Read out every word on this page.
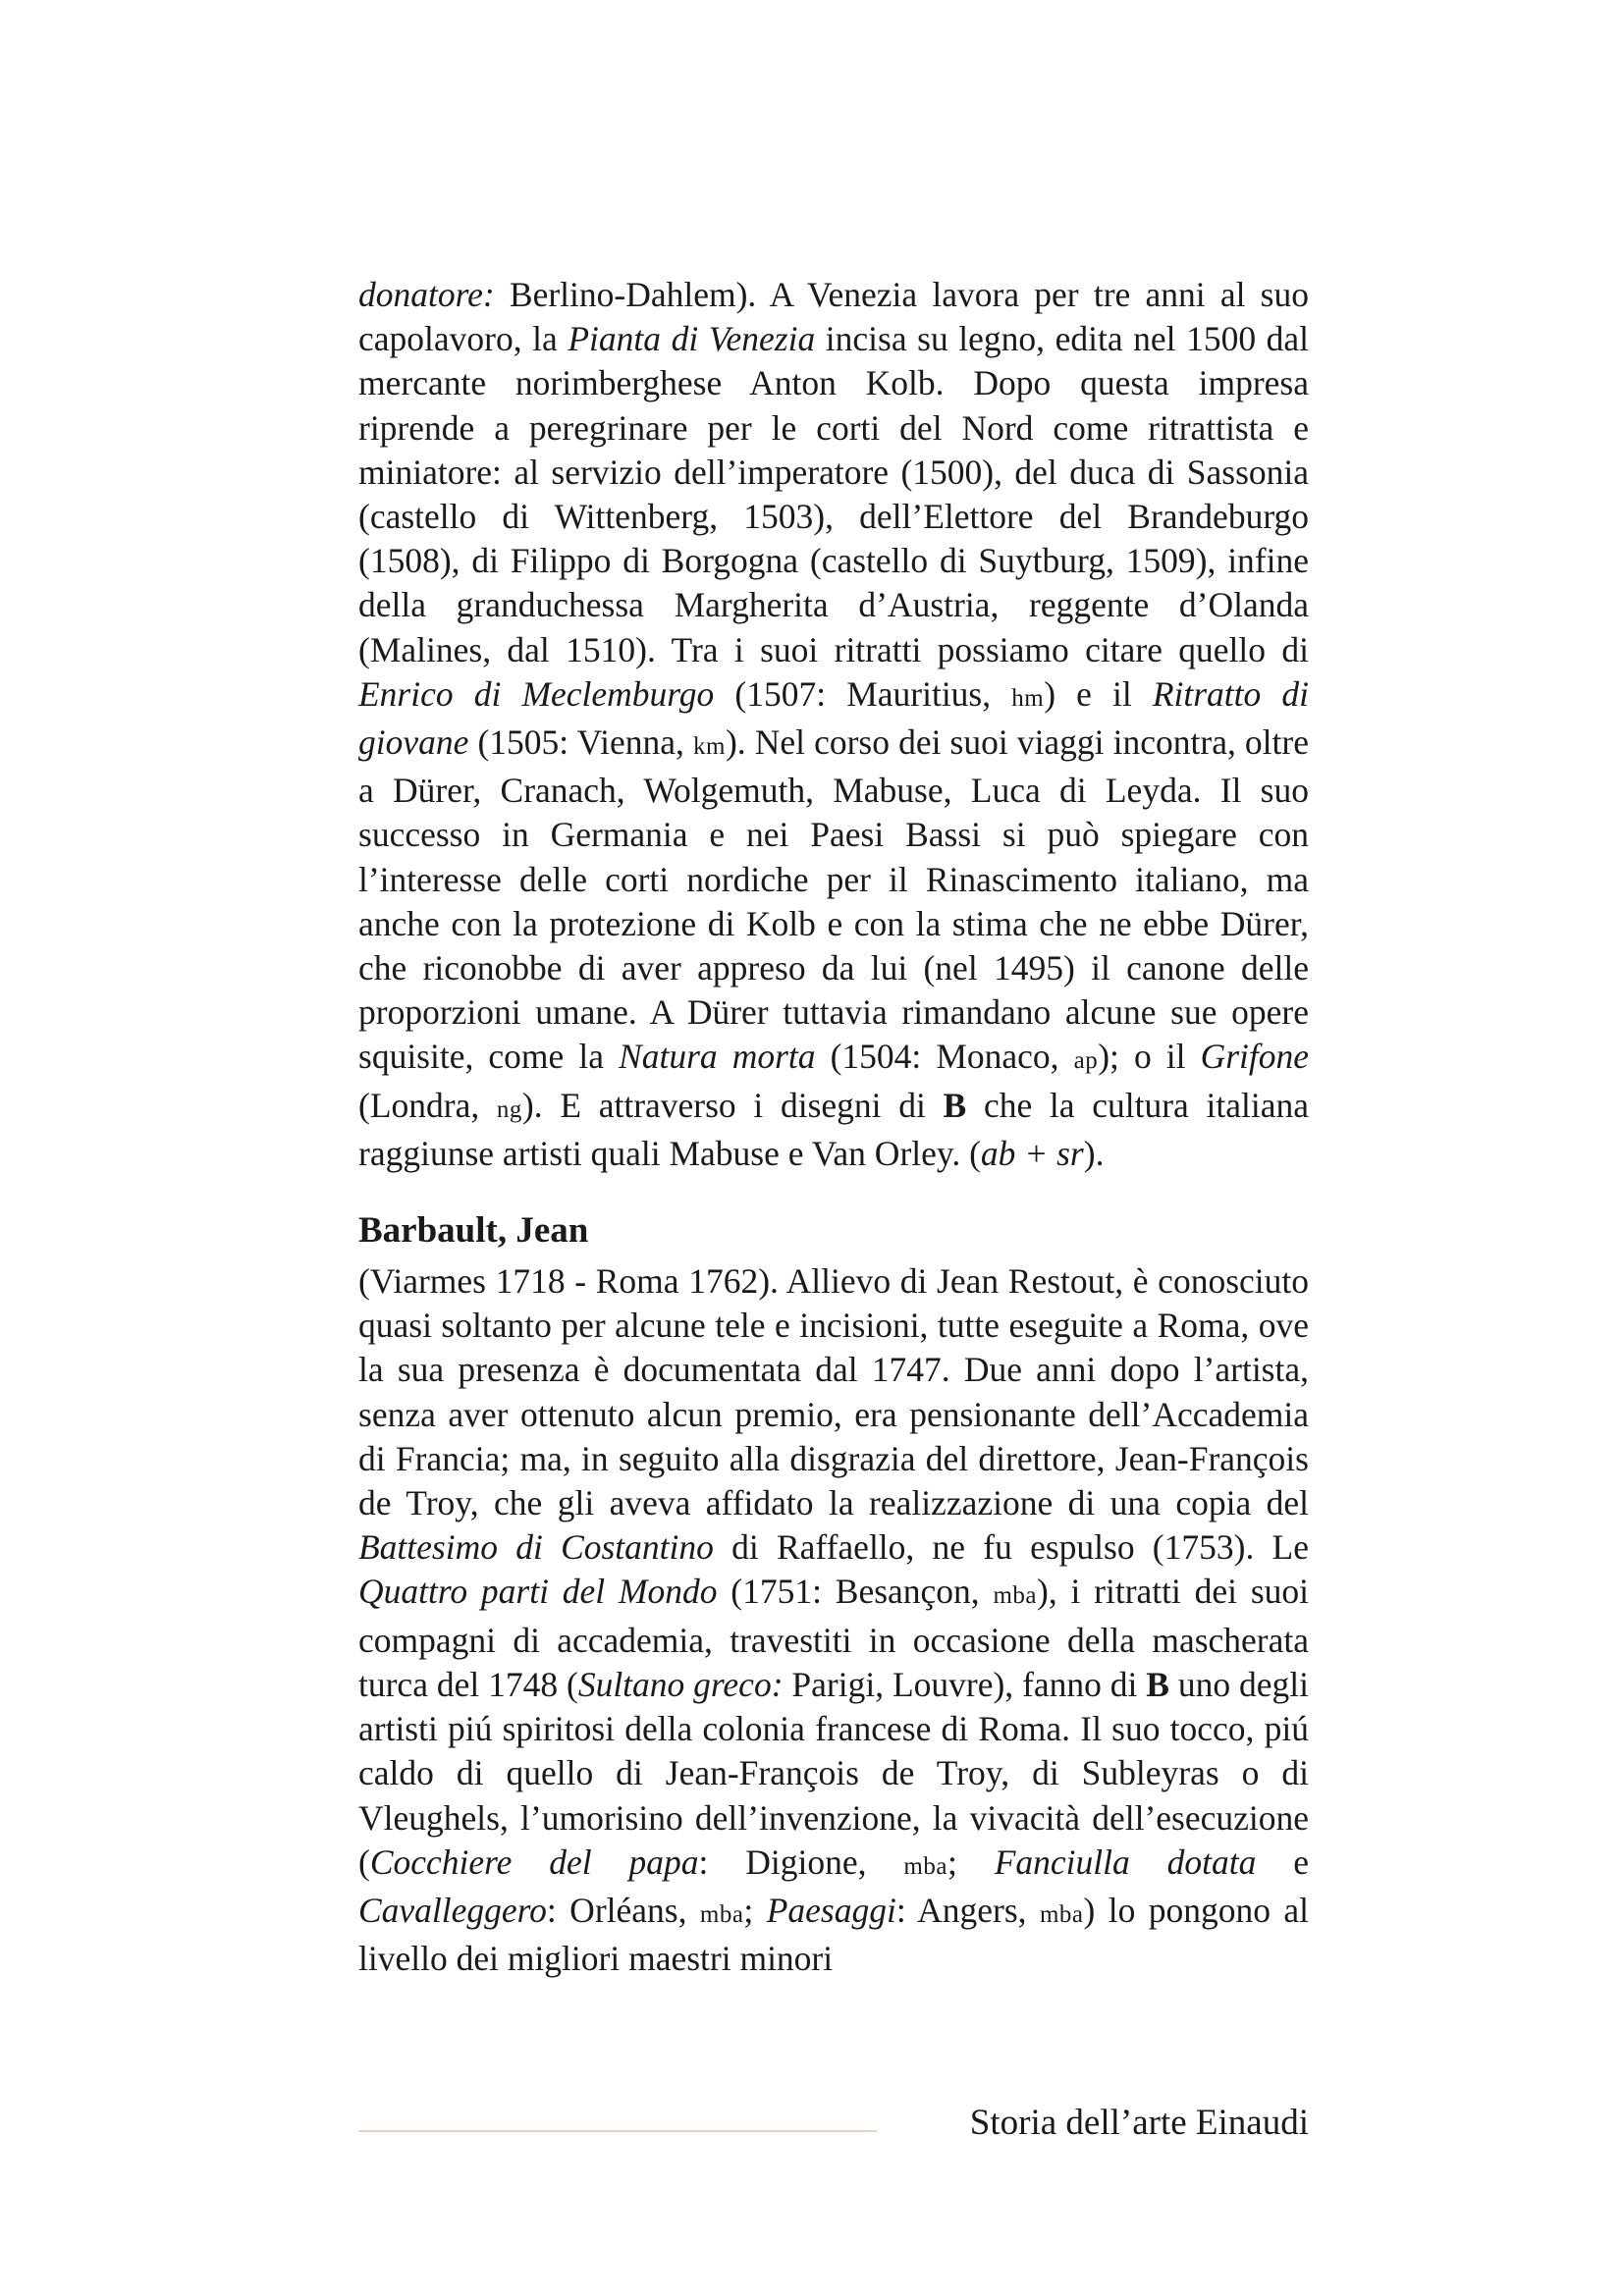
donatore: Berlino-Dahlem). A Venezia lavora per tre anni al suo capolavoro, la Pianta di Venezia incisa su legno, edita nel 1500 dal mercante norimberghese Anton Kolb. Dopo questa impresa riprende a peregrinare per le corti del Nord come ritrattista e miniatore: al servizio dell’imperatore (1500), del duca di Sassonia (castello di Wittenberg, 1503), dell’Elettore del Brandeburgo (1508), di Filippo di Borgogna (castello di Suytburg, 1509), infine della granduchessa Margherita d’Austria, reggente d’Olanda (Malines, dal 1510). Tra i suoi ritratti possiamo citare quello di Enrico di Meclemburgo (1507: Mauritius, hm) e il Ritratto di giovane (1505: Vienna, km). Nel corso dei suoi viaggi incontra, oltre a Dürer, Cranach, Wolgemuth, Mabuse, Luca di Leyda. Il suo successo in Germania e nei Paesi Bassi si può spiegare con l’interesse delle corti nordiche per il Rinascimento italiano, ma anche con la protezione di Kolb e con la stima che ne ebbe Dürer, che riconobbe di aver appreso da lui (nel 1495) il canone delle proporzioni umane. A Dürer tuttavia rimandano alcune sue opere squisite, come la Natura morta (1504: Monaco, ap); o il Grifone (Londra, ng). E attraverso i disegni di B che la cultura italiana raggiunse artisti quali Mabuse e Van Orley. (ab + sr).

Barbault, Jean

(Viarmes 1718 - Roma 1762). Allievo di Jean Restout, è conosciuto quasi soltanto per alcune tele e incisioni, tutte eseguite a Roma, ove la sua presenza è documentata dal 1747. Due anni dopo l’artista, senza aver ottenuto alcun premio, era pensionante dell’Accademia di Francia; ma, in seguito alla disgrazia del direttore, Jean-François de Troy, che gli aveva affidato la realizzazione di una copia del Battesimo di Costantino di Raffaello, ne fu espulso (1753). Le Quattro parti del Mondo (1751: Besançon, mba), i ritratti dei suoi compagni di accademia, travestiti in occasione della mascherata turca del 1748 (Sultano greco: Parigi, Louvre), fanno di B uno degli artisti piú spiritosi della colonia francese di Roma. Il suo tocco, piú caldo di quello di Jean-François de Troy, di Subleyras o di Vleughels, l’umorisino dell’invenzione, la vivacità dell’esecuzione (Cocchiere del papa: Digione, mba; Fanciulla dotata e Cavalleggero: Orléans, mba; Paesaggi: Angers, mba) lo pongono al livello dei migliori maestri minori

Storia dell’arte Einaudi
